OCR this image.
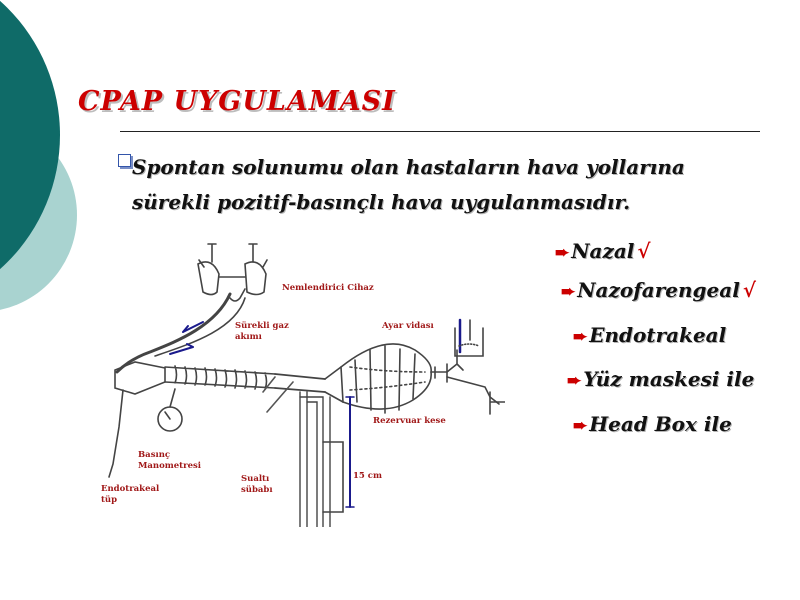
CPAP UYGULAMASI

Spontan solunumu olan hastaların hava yollarına
sürekli pozitif-basınçlı hava uygulanmasıdır.

Nemlendirici Cihaz
Sürekli gaz
akımı
Ayar vidası
Rezervuar kese
Basınç
Manometresi
Endotrakeal
tüp
Sualtı
sübabı
15 cm
➨ Nazal √
➨ Nazofarengeal √
➨ Endotrakeal
➨ Yüz maskesi ile
➨ Head Box ile
